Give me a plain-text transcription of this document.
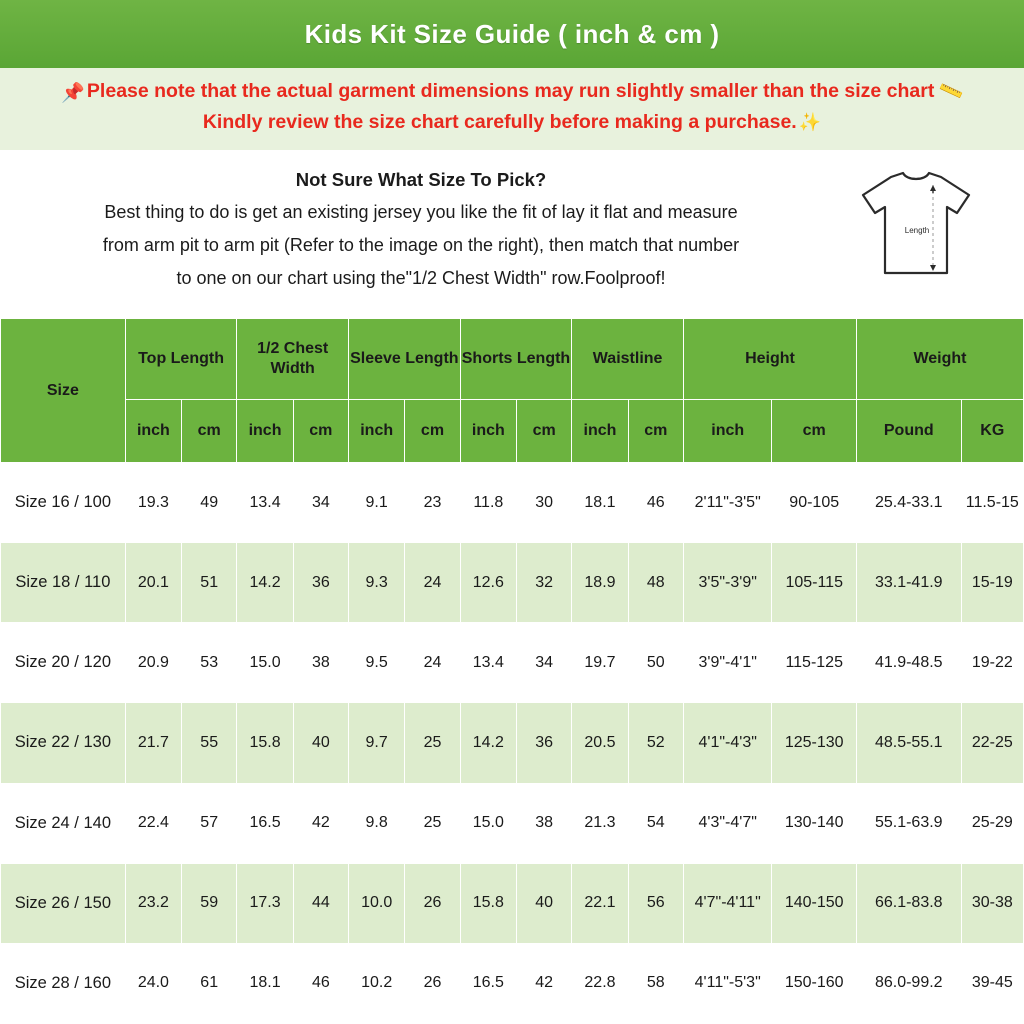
Kids Kit Size Guide ( inch & cm )
📌 Please note that the actual garment dimensions may run slightly smaller than the size chart 📏
Kindly review the size chart carefully before making a purchase. ✨
Not Sure What Size To Pick?
Best thing to do is get an existing jersey you like the fit of lay it flat and measure
from arm pit to arm pit (Refer to the image on the right), then match that number
to one on our chart using the"1/2 Chest Width" row.Foolproof!
Length
Size	Top Length		1/2 Chest Width		Sleeve Length		Shorts Length		Waistline		Height		Weight	
	inch	cm	inch	cm	inch	cm	inch	cm	inch	cm	inch	cm	Pound	KG
Size 16 / 100	19.3	49	13.4	34	9.1	23	11.8	30	18.1	46	2'11"-3'5"	90-105	25.4-33.1	11.5-15
Size 18 / 110	20.1	51	14.2	36	9.3	24	12.6	32	18.9	48	3'5"-3'9"	105-115	33.1-41.9	15-19
Size 20 / 120	20.9	53	15.0	38	9.5	24	13.4	34	19.7	50	3'9"-4'1"	115-125	41.9-48.5	19-22
Size 22 / 130	21.7	55	15.8	40	9.7	25	14.2	36	20.5	52	4'1"-4'3"	125-130	48.5-55.1	22-25
Size 24 / 140	22.4	57	16.5	42	9.8	25	15.0	38	21.3	54	4'3"-4'7"	130-140	55.1-63.9	25-29
Size 26 / 150	23.2	59	17.3	44	10.0	26	15.8	40	22.1	56	4'7"-4'11"	140-150	66.1-83.8	30-38
Size 28 / 160	24.0	61	18.1	46	10.2	26	16.5	42	22.8	58	4'11"-5'3"	150-160	86.0-99.2	39-45
